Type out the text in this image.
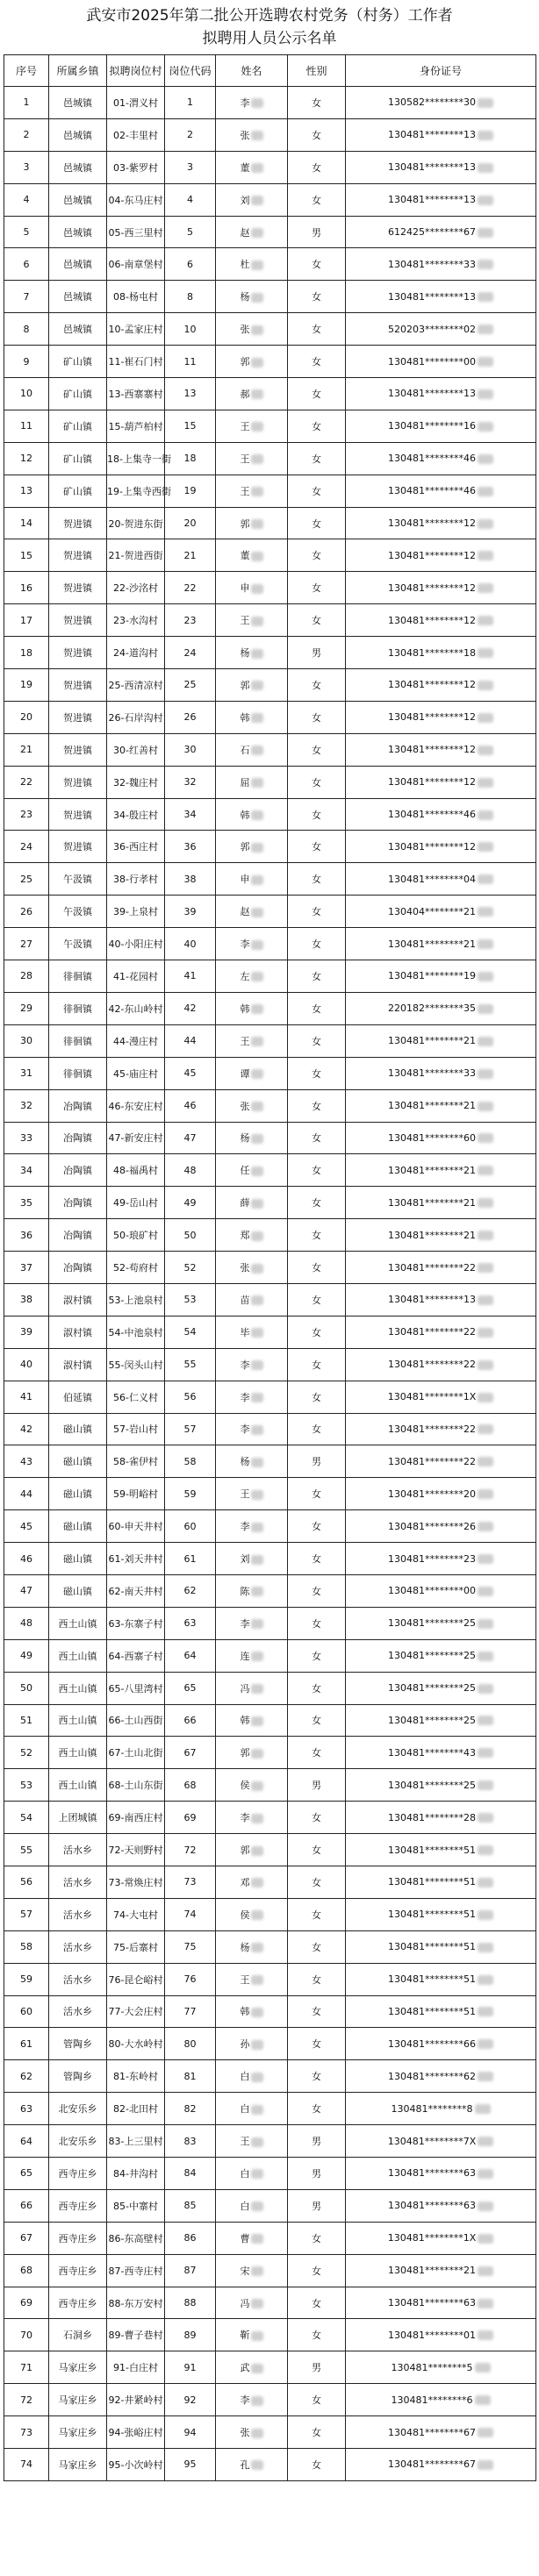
武安市2025年第二批公开选聘农村党务（村务）工作者
拟聘用人员公示名单
序号	所属乡镇	拟聘岗位村	岗位代码	姓名	性别	身份证号
1	邑城镇	01-渭义村	1	李	女	130582********30
2	邑城镇	02-丰里村	2	张	女	130481********13
3	邑城镇	03-紫罗村	3	董	女	130481********13
4	邑城镇	04-东马庄村	4	刘	女	130481********13
5	邑城镇	05-西三里村	5	赵	男	612425********67
6	邑城镇	06-南章堡村	6	杜	女	130481********33
7	邑城镇	08-杨屯村	8	杨	女	130481********13
8	邑城镇	10-孟家庄村	10	张	女	520203********02
9	矿山镇	11-崔石门村	11	郭	女	130481********00
10	矿山镇	13-西寨寨村	13	郝	女	130481********13
11	矿山镇	15-葫芦柏村	15	王	女	130481********16
12	矿山镇	18-上集寺一街	18	王	女	130481********46
13	矿山镇	19-上集寺西街	19	王	女	130481********46
14	贺进镇	20-贺进东街	20	郭	女	130481********12
15	贺进镇	21-贺进西街	21	董	女	130481********12
16	贺进镇	22-沙洺村	22	申	女	130481********12
17	贺进镇	23-水沟村	23	王	女	130481********12
18	贺进镇	24-道沟村	24	杨	男	130481********18
19	贺进镇	25-西清凉村	25	郭	女	130481********12
20	贺进镇	26-石岸沟村	26	韩	女	130481********12
21	贺进镇	30-红善村	30	石	女	130481********12
22	贺进镇	32-魏庄村	32	屈	女	130481********12
23	贺进镇	34-殷庄村	34	韩	女	130481********46
24	贺进镇	36-西庄村	36	郭	女	130481********12
25	午汲镇	38-行孝村	38	申	女	130481********04
26	午汲镇	39-上泉村	39	赵	女	130404********21
27	午汲镇	40-小阳庄村	40	李	女	130481********21
28	徘徊镇	41-花园村	41	左	女	130481********19
29	徘徊镇	42-东山岭村	42	韩	女	220182********35
30	徘徊镇	44-漫庄村	44	王	女	130481********21
31	徘徊镇	45-庙庄村	45	谭	女	130481********33
32	冶陶镇	46-东安庄村	46	张	女	130481********21
33	冶陶镇	47-新安庄村	47	杨	女	130481********60
34	冶陶镇	48-福禹村	48	任	女	130481********21
35	冶陶镇	49-岳山村	49	薛	女	130481********21
36	冶陶镇	50-琅矿村	50	郑	女	130481********21
37	冶陶镇	52-苟府村	52	张	女	130481********22
38	淑村镇	53-上池泉村	53	苗	女	130481********13
39	淑村镇	54-中池泉村	54	毕	女	130481********22
40	淑村镇	55-闵头山村	55	李	女	130481********22
41	伯延镇	56-仁义村	56	李	女	130481********1X
42	磁山镇	57-岩山村	57	李	女	130481********22
43	磁山镇	58-雀伊村	58	杨	男	130481********22
44	磁山镇	59-明峪村	59	王	女	130481********20
45	磁山镇	60-申天井村	60	李	女	130481********26
46	磁山镇	61-刘天井村	61	刘	女	130481********23
47	磁山镇	62-南天井村	62	陈	女	130481********00
48	西土山镇	63-东寨子村	63	李	女	130481********25
49	西土山镇	64-西寨子村	64	连	女	130481********25
50	西土山镇	65-八里湾村	65	冯	女	130481********25
51	西土山镇	66-土山西街	66	韩	女	130481********25
52	西土山镇	67-土山北街	67	郭	女	130481********43
53	西土山镇	68-土山东街	68	侯	男	130481********25
54	上团城镇	69-南西庄村	69	李	女	130481********28
55	活水乡	72-天则野村	72	郭	女	130481********51
56	活水乡	73-常焕庄村	73	邓	女	130481********51
57	活水乡	74-大屯村	74	侯	女	130481********51
58	活水乡	75-后寨村	75	杨	女	130481********51
59	活水乡	76-昆仑峪村	76	王	女	130481********51
60	活水乡	77-大会庄村	77	韩	女	130481********51
61	管陶乡	80-大水岭村	80	孙	女	130481********66
62	管陶乡	81-东岭村	81	白	女	130481********62
63	北安乐乡	82-北田村	82	白	女	130481********8
64	北安乐乡	83-上三里村	83	王	男	130481********7X
65	西寺庄乡	84-井沟村	84	白	男	130481********63
66	西寺庄乡	85-中寨村	85	白	男	130481********63
67	西寺庄乡	86-东高壁村	86	曹	女	130481********1X
68	西寺庄乡	87-西寺庄村	87	宋	女	130481********21
69	西寺庄乡	88-东万安村	88	冯	女	130481********63
70	石洞乡	89-曹子巷村	89	靳	女	130481********01
71	马家庄乡	91-白庄村	91	武	男	130481********5
72	马家庄乡	92-井紧岭村	92	李	女	130481********6
73	马家庄乡	94-张峪庄村	94	张	女	130481********67
74	马家庄乡	95-小次岭村	95	孔	女	130481********67
